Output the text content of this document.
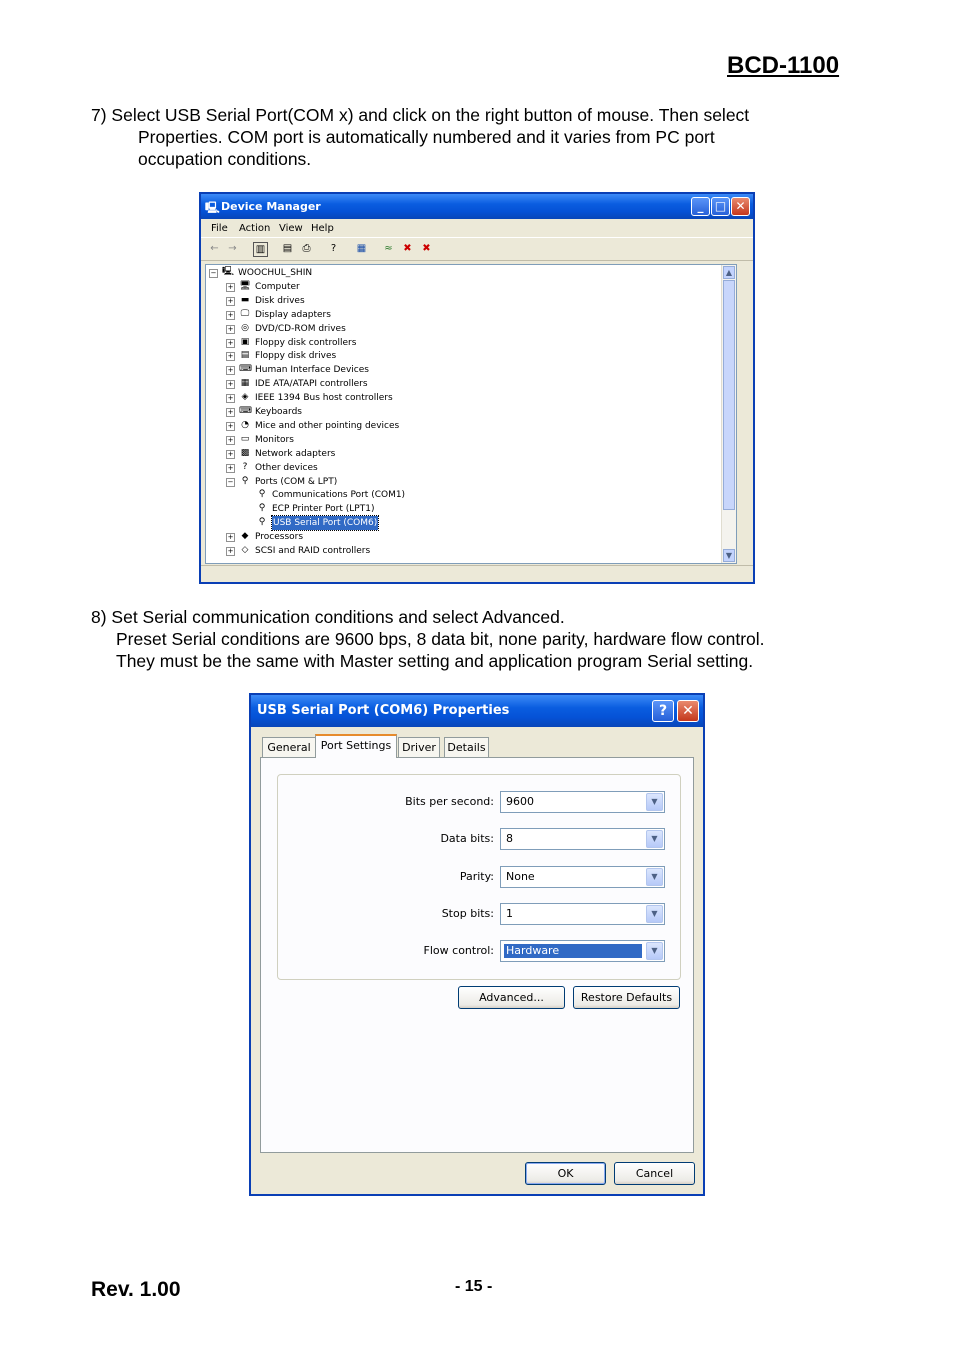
BCD-1100
7) Select USB Serial Port(COM x) and click on the right button of mouse. Then select
Properties. COM port is automatically numbered and it varies from PC port
occupation conditions.
🖳 Device Manager	_ □ ✕
File Action View Help
← → ▥ ▤ ⎙	?	▦ ≈ ✖ ✖
▲
▼
− 🖳 WOOCHUL_SHIN
+ 🖥 Computer
+ ▬ Disk drives
+ 🖵 Display adapters
+ ◎ DVD/CD-ROM drives
+ ▣ Floppy disk controllers
+ ▤ Floppy disk drives
+ ⌨ Human Interface Devices
+ ▦ IDE ATA/ATAPI controllers
+ ◈ IEEE 1394 Bus host controllers
+ ⌨ Keyboards
+ ◔ Mice and other pointing devices
+ ▭ Monitors
+ ▩ Network adapters
+	? Other devices
− ⚲ Ports (COM & LPT)
⚲ Communications Port (COM1)
⚲ ECP Printer Port (LPT1)
⚲ USB Serial Port (COM6)
+ ◆ Processors
+ ◇ SCSI and RAID controllers
8) Set Serial communication conditions and select Advanced.
Preset Serial conditions are 9600 bps, 8 data bit, none parity, hardware flow control.
They must be the same with Master setting and application program Serial setting.
USB Serial Port (COM6) Properties	?	✕
General Port Settings Driver	Details
Bits per second: 9600	▼
Data bits: 8	▼
Parity: None	▼
Stop bits: 1	▼
Flow control: Hardware	▼
Advanced...	Restore Defaults
OK	Cancel
Rev. 1.00	- 15 -
